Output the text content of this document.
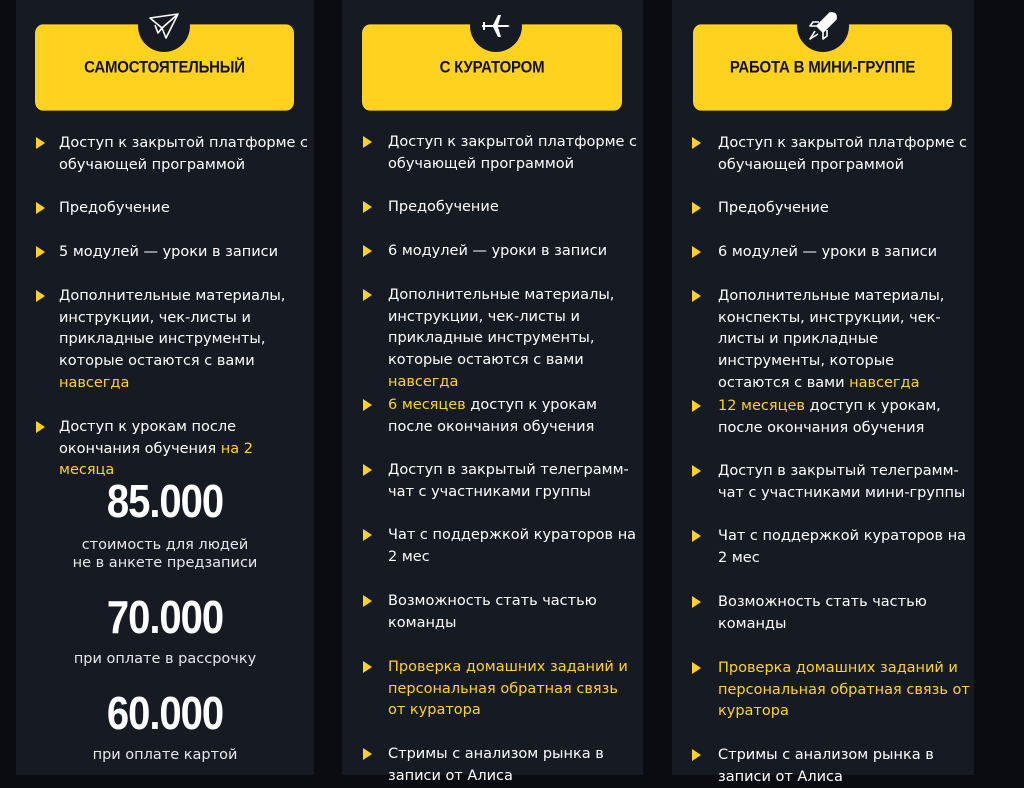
САМОСТОЯТЕЛЬНЫЙ
Доступ к закрытой платформе с обучающей программой
Предобучение
5 модулей — уроки в записи
Дополнительные материалы, инструкции, чек-листы и прикладные инструменты, которые остаются с вами навсегда
Доступ к урокам после окончания обучения на 2 месяца
85.000
стоимость для людей
не в анкете предзаписи
70.000
при оплате в рассрочку
60.000
при оплате картой
С КУРАТОРОМ
Доступ к закрытой платформе с обучающей программой
Предобучение
6 модулей — уроки в записи
Дополнительные материалы, инструкции, чек-листы и прикладные инструменты, которые остаются с вами навсегда
6 месяцев доступ к урокам после окончания обучения
Доступ в закрытый телеграмм-чат с участниками группы
Чат с поддержкой кураторов на 2 мес
Возможность стать частью команды
Проверка домашних заданий и персональная обратная связь от куратора
Стримы с анализом рынка в записи от Алиса
РАБОТА В МИНИ-ГРУППЕ
Доступ к закрытой платформе с обучающей программой
Предобучение
6 модулей — уроки в записи
Дополнительные материалы, конспекты, инструкции, чек-листы и прикладные инструменты, которые остаются с вами навсегда
12 месяцев доступ к урокам, после окончания обучения
Доступ в закрытый телеграмм-чат с участниками мини-группы
Чат с поддержкой кураторов на 2 мес
Возможность стать частью команды
Проверка домашних заданий и персональная обратная связь от куратора
Стримы с анализом рынка в записи от Алиса
